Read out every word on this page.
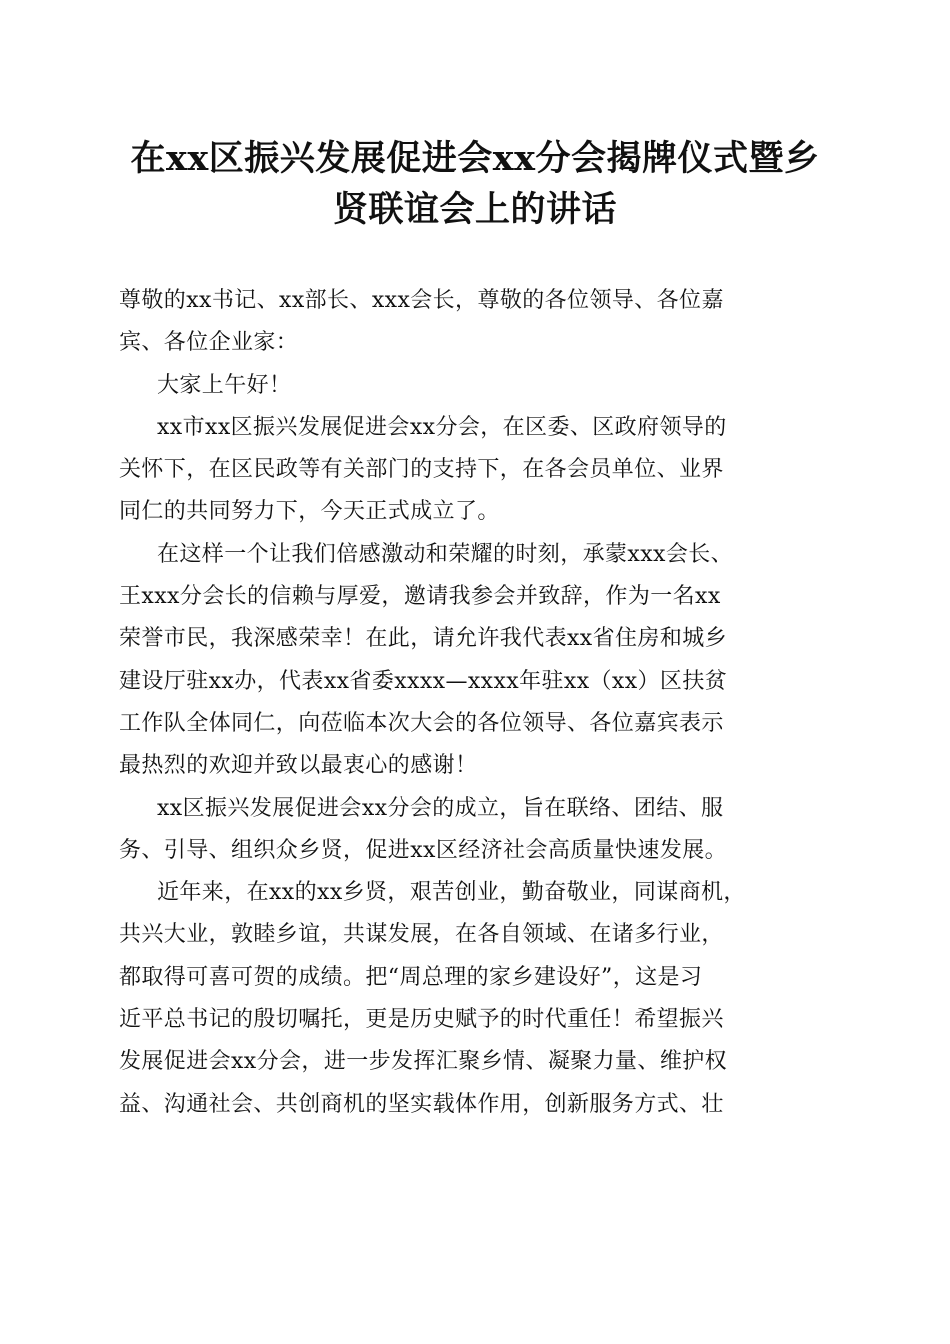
在xx区振兴发展促进会xx分会揭牌仪式暨乡
贤联谊会上的讲话
尊敬的xx书记、xx部长、xxx会长，尊敬的各位领导、各位嘉
宾、各位企业家：
大家上午好！
xx市xx区振兴发展促进会xx分会，在区委、区政府领导的
关怀下，在区民政等有关部门的支持下，在各会员单位、业界
同仁的共同努力下，今天正式成立了。
在这样一个让我们倍感激动和荣耀的时刻，承蒙xxx会长、
王xxx分会长的信赖与厚爱，邀请我参会并致辞，作为一名xx
荣誉市民，我深感荣幸！在此，请允许我代表xx省住房和城乡
建设厅驻xx办，代表xx省委xxxx—xxxx年驻xx（xx）区扶贫
工作队全体同仁，向莅临本次大会的各位领导、各位嘉宾表示
最热烈的欢迎并致以最衷心的感谢！
xx区振兴发展促进会xx分会的成立，旨在联络、团结、服
务、引导、组织众乡贤，促进xx区经济社会高质量快速发展。
近年来，在xx的xx乡贤，艰苦创业，勤奋敬业，同谋商机，
共兴大业，敦睦乡谊，共谋发展，在各自领域、在诸多行业，
都取得可喜可贺的成绩。把“周总理的家乡建设好”，这是习
近平总书记的殷切嘱托，更是历史赋予的时代重任！希望振兴
发展促进会xx分会，进一步发挥汇聚乡情、凝聚力量、维护权
益、沟通社会、共创商机的坚实载体作用，创新服务方式、壮
